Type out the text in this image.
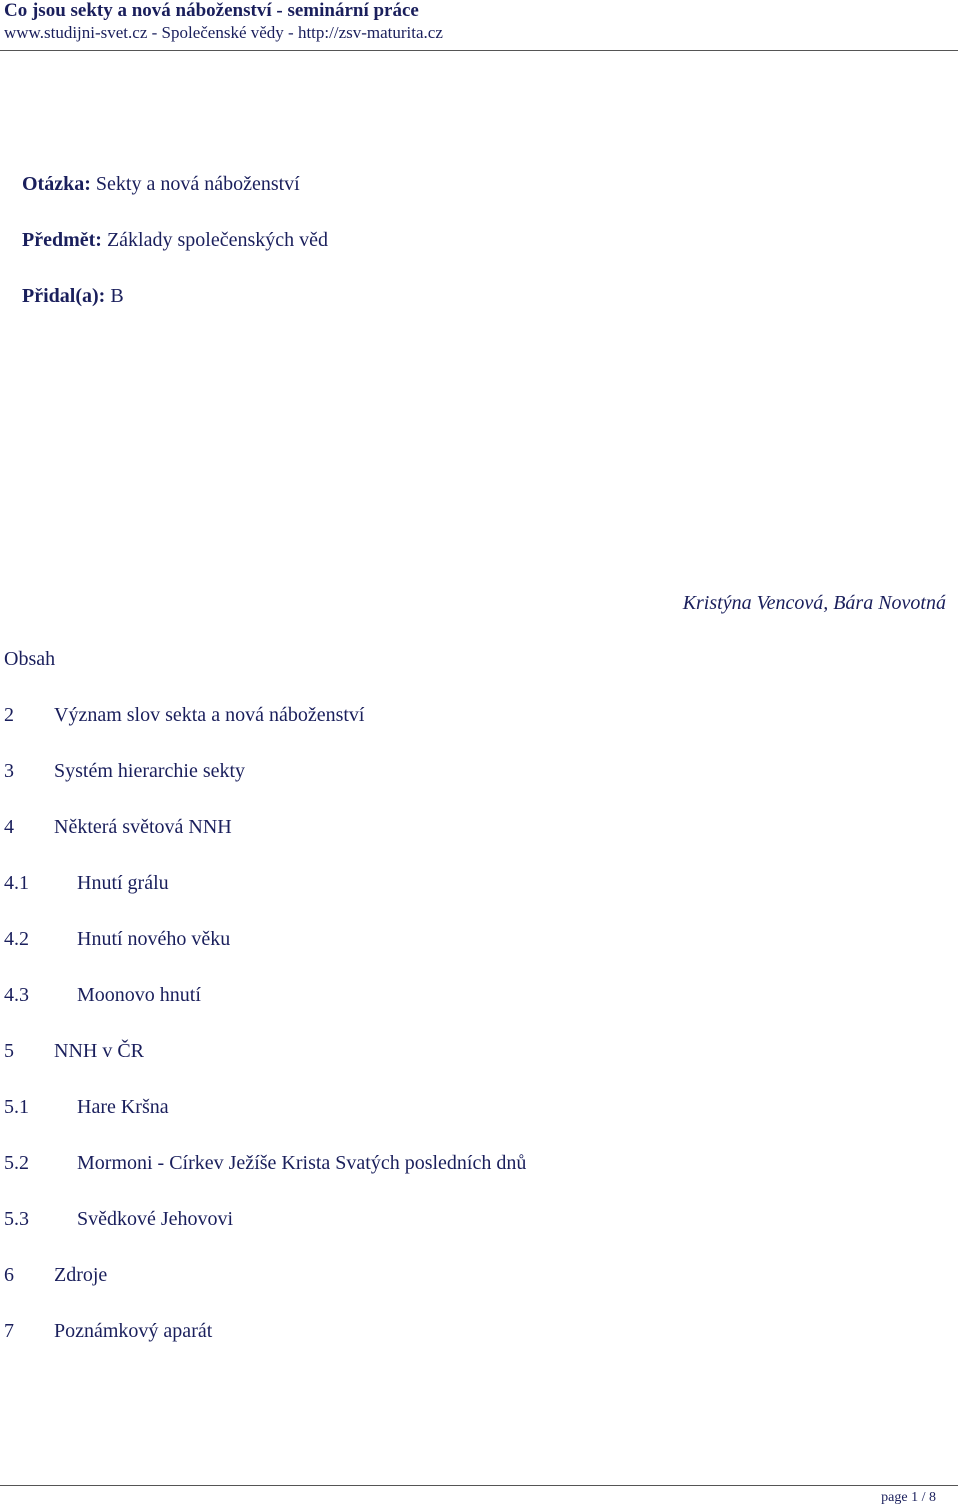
Co jsou sekty a nová náboženství - seminární práce
www.studijni-svet.cz - Společenské vědy - http://zsv-maturita.cz
Otázka: Sekty a nová náboženství
Předmět: Základy společenských věd
Přidal(a): B
Kristýna Vencová, Bára Novotná
Obsah
2 Význam slov sekta a nová náboženství
3 Systém hierarchie sekty
4 Některá světová NNH
4.1 Hnutí grálu
4.2 Hnutí nového věku
4.3 Moonovo hnutí
5 NNH v ČR
5.1 Hare Kršna
5.2 Mormoni - Církev Ježíše Krista Svatých posledních dnů
5.3 Svědkové Jehovovi
6 Zdroje
7 Poznámkový aparát
page 1 / 8
